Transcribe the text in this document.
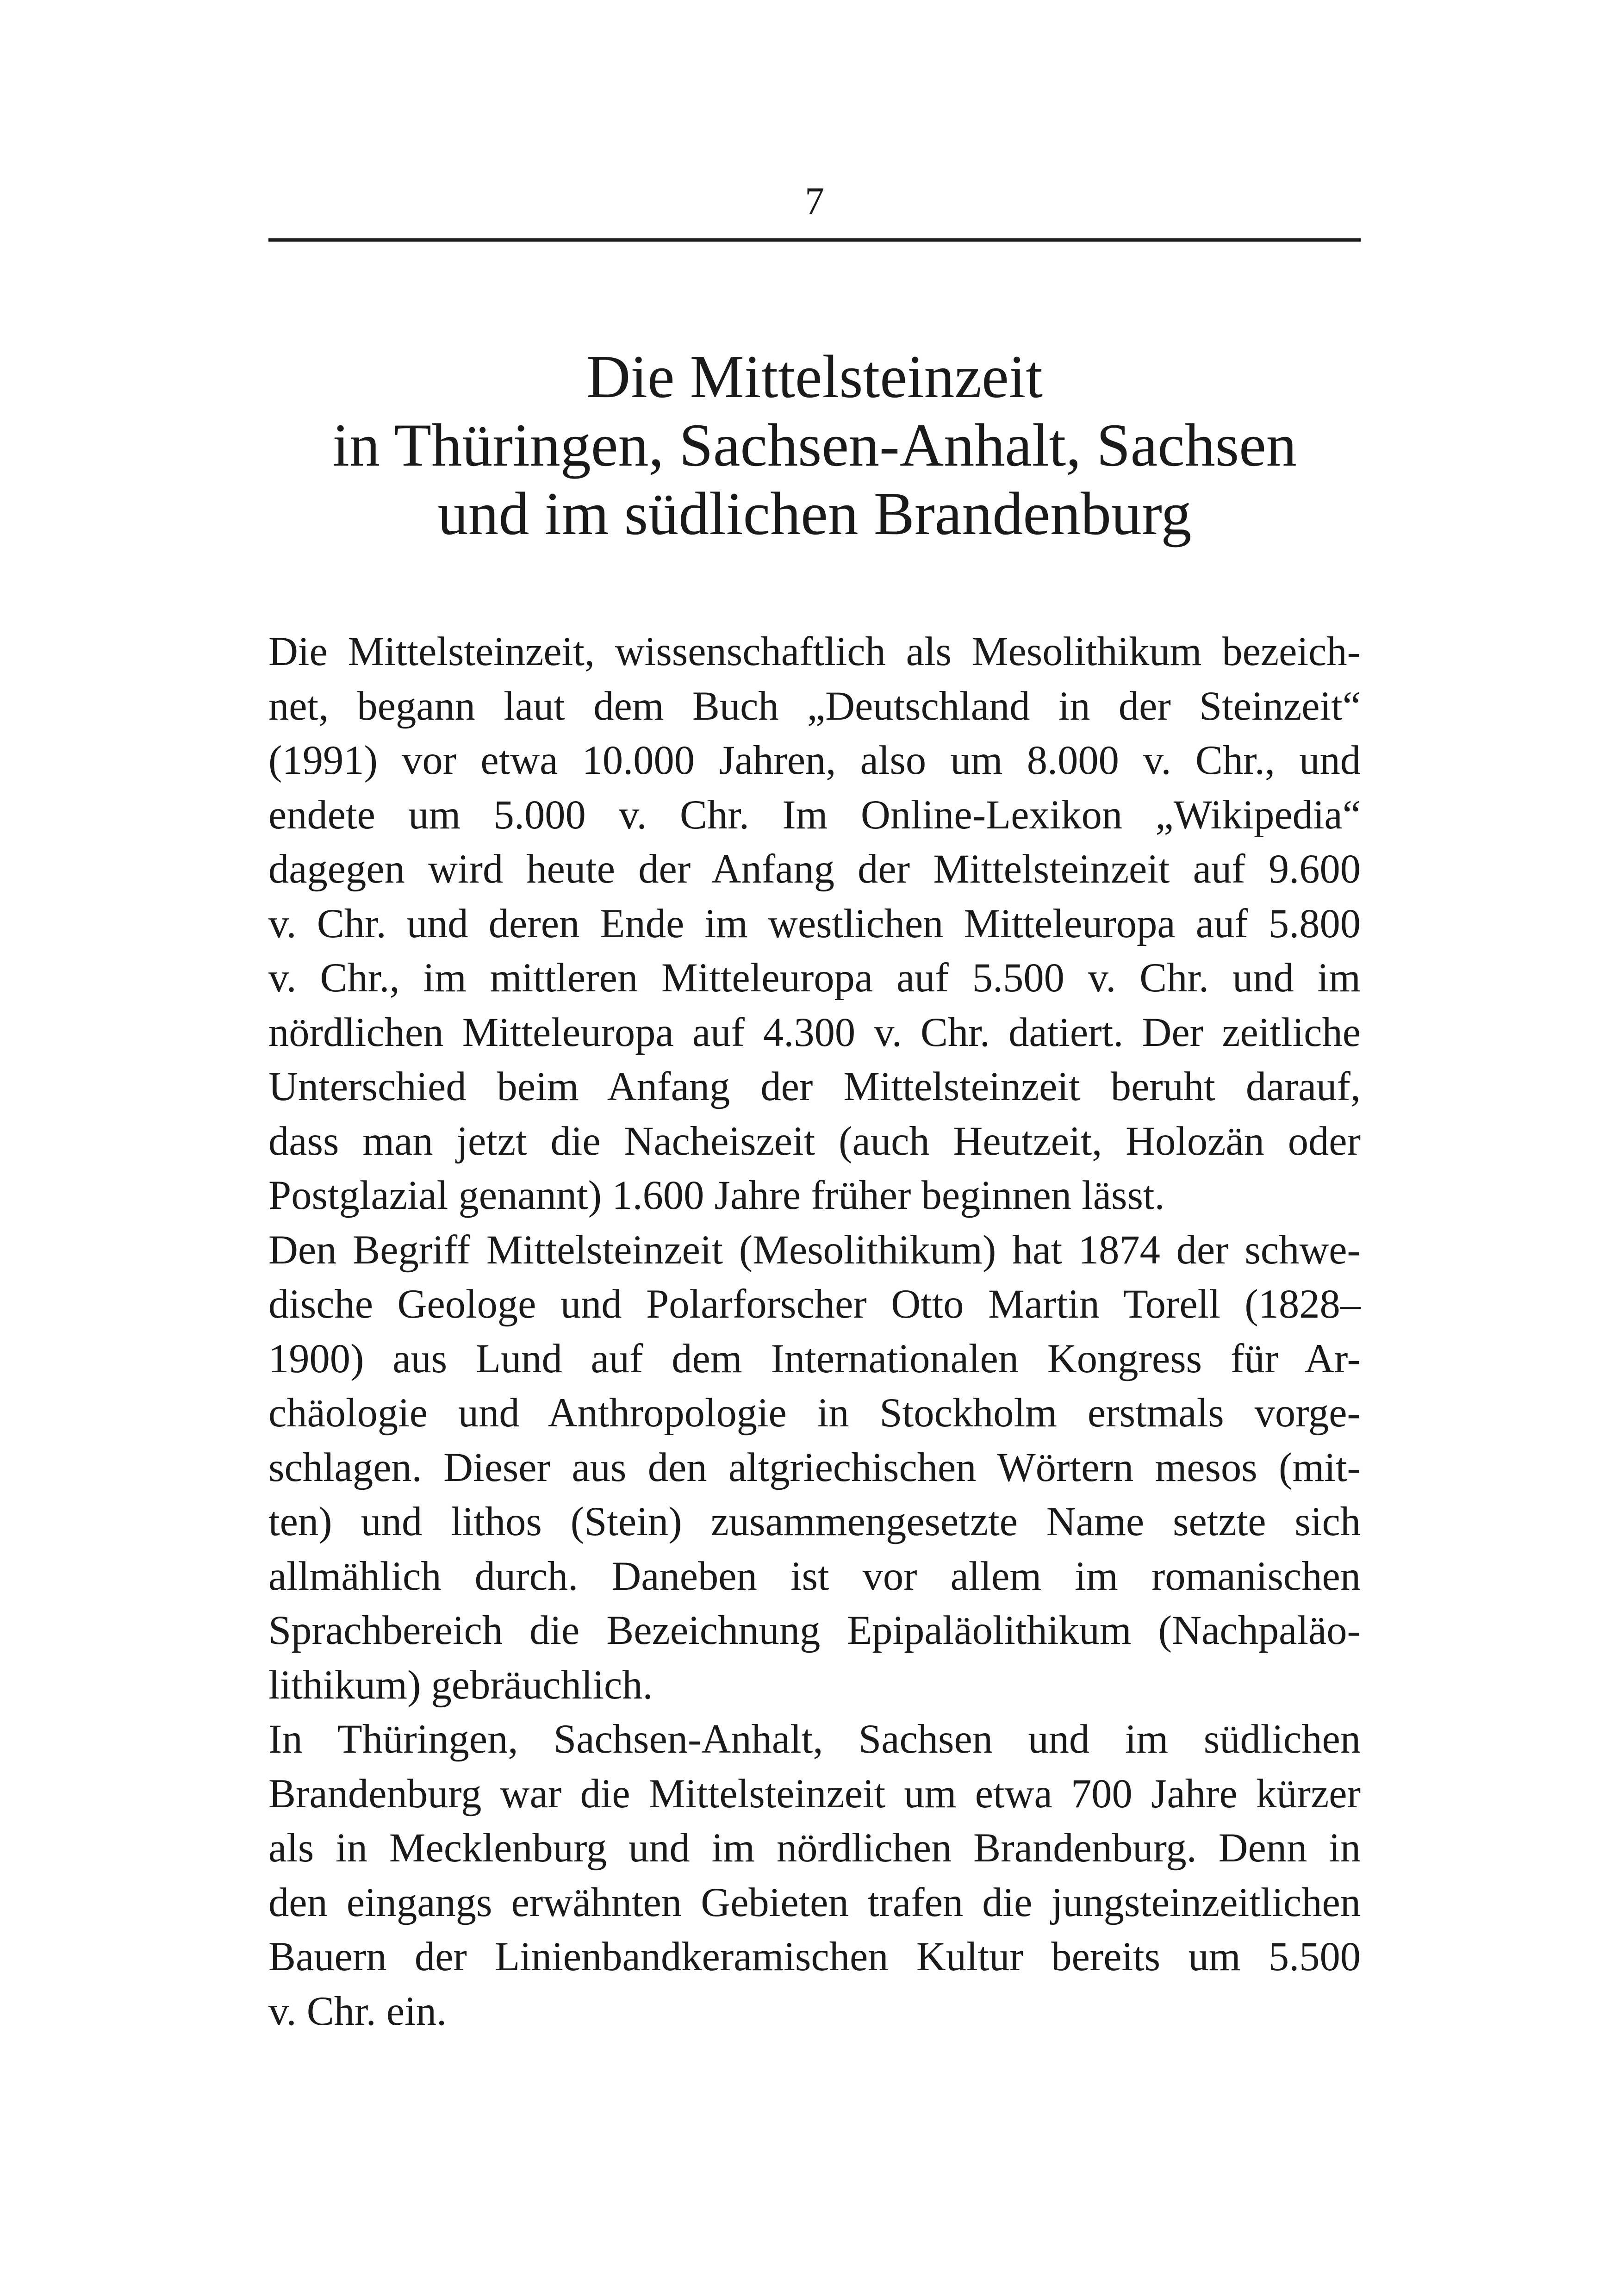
7
Die Mittelsteinzeit
in Thüringen, Sachsen-Anhalt, Sachsen
und im südlichen Brandenburg

Die Mittelsteinzeit, wissenschaftlich als Mesolithikum bezeich-
net, begann laut dem Buch „Deutschland in der Steinzeit“
(1991) vor etwa 10.000 Jahren, also um 8.000 v. Chr., und
endete um 5.000 v. Chr. Im Online-Lexikon „Wikipedia“
dagegen wird heute der Anfang der Mittelsteinzeit auf 9.600
v. Chr. und deren Ende im westlichen Mitteleuropa auf 5.800
v. Chr., im mittleren Mitteleuropa auf 5.500 v. Chr. und im
nördlichen Mitteleuropa auf 4.300 v. Chr. datiert. Der zeitliche
Unterschied beim Anfang der Mittelsteinzeit beruht darauf,
dass man jetzt die Nacheiszeit (auch Heutzeit, Holozän oder
Postglazial genannt) 1.600 Jahre früher beginnen lässt.

Den Begriff Mittelsteinzeit (Mesolithikum) hat 1874 der schwe-
dische Geologe und Polarforscher Otto Martin Torell (1828–
1900) aus Lund auf dem Internationalen Kongress für Ar-
chäologie und Anthropologie in Stockholm erstmals vorge-
schlagen. Dieser aus den altgriechischen Wörtern mesos (mit-
ten) und lithos (Stein) zusammengesetzte Name setzte sich
allmählich durch. Daneben ist vor allem im romanischen
Sprachbereich die Bezeichnung Epipaläolithikum (Nachpaläo-
lithikum) gebräuchlich.

In Thüringen, Sachsen-Anhalt, Sachsen und im südlichen
Brandenburg war die Mittelsteinzeit um etwa 700 Jahre kürzer
als in Mecklenburg und im nördlichen Brandenburg. Denn in
den eingangs erwähnten Gebieten trafen die jungsteinzeitlichen
Bauern der Linienbandkeramischen Kultur bereits um 5.500
v. Chr. ein.
